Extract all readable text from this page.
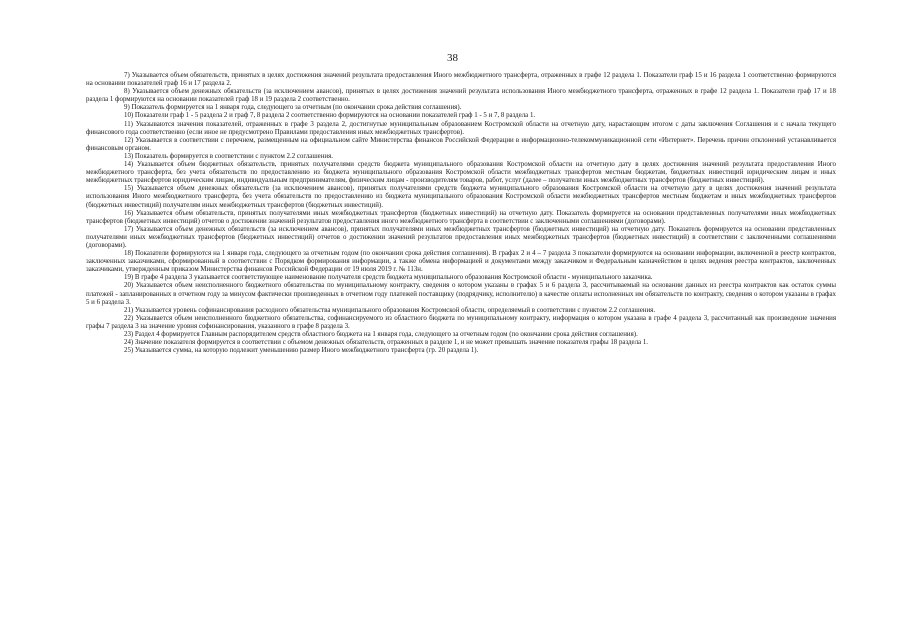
38

7) Указывается объем обязательств, принятых в целях достижения значений результата предоставления Иного межбюджетного трансферта, отраженных в графе 12 раздела 1. Показатели граф 15 и 16 раздела 1 соответственно формируются на основании показателей граф 16 и 17 раздела 2.

8) Указывается объем денежных обязательств (за исключением авансов), принятых в целях достижения значений результата использования Иного межбюджетного трансферта, отраженных в графе 12 раздела 1. Показатели граф 17 и 18 раздела 1 формируются на основании показателей граф 18 и 19 раздела 2 соответственно.

9) Показатель формируется на 1 января года, следующего за отчетным (по окончании срока действия соглашения).

10) Показатели граф 1 - 5 раздела 2 и граф 7, 8 раздела 2 соответственно формируются на основании показателей граф 1 - 5 и 7, 8 раздела 1.

11) Указываются значения показателей, отраженных в графе 3 раздела 2, достигнутые муниципальным образованием Костромской области на отчетную дату, нарастающим итогом с даты заключения Соглашения и с начала текущего финансового года соответственно (если иное не предусмотрено Правилами предоставления иных межбюджетных трансфертов).

12) Указывается в соответствии с перечнем, размещенным на официальном сайте Министерства финансов Российской Федерации в информационно-телекоммуникационной сети «Интернет». Перечень причин отклонений устанавливается финансовым органом.

13) Показатель формируется в соответствии с пунктом 2.2 соглашения.

14) Указывается объем бюджетных обязательств, принятых получателями средств бюджета муниципального образования Костромской области на отчетную дату в целях достижения значений результата предоставления Иного межбюджетного трансферта, без учета обязательств по предоставлению из бюджета муниципального образования Костромской области межбюджетных трансфертов местным бюджетам, бюджетных инвестиций юридическим лицам и иных межбюджетных трансфертов юридическим лицам, индивидуальным предпринимателям, физическим лицам - производителям товаров, работ, услуг (далее – получатели иных межбюджетных трансфертов (бюджетных инвестиций).

15) Указывается объем денежных обязательств (за исключением авансов), принятых получателями средств бюджета муниципального образования Костромской области на отчетную дату в целях достижения значений результата использования Иного межбюджетного трансферта, без учета обязательств по предоставлению из бюджета муниципального образования Костромской области межбюджетных трансфертов местным бюджетам и иных межбюджетных трансфертов (бюджетных инвестиций) получателям иных межбюджетных трансфертов (бюджетных инвестиций).

16) Указывается объем обязательств, принятых получателями иных межбюджетных трансфертов (бюджетных инвестиций) на отчетную дату. Показатель формируется на основании представленных получателями иных межбюджетных трансфертов (бюджетных инвестиций) отчетов о достижении значений результатов предоставления иного межбюджетного трансферта в соответствии с заключенными соглашениями (договорами).

17) Указывается объем денежных обязательств (за исключением авансов), принятых получателями иных межбюджетных трансфертов (бюджетных инвестиций) на отчетную дату. Показатель формируется на основании представленных получателями иных межбюджетных трансфертов (бюджетных инвестиций) отчетов о достижении значений результатов предоставления иных межбюджетных трансфертов (бюджетных инвестиций) в соответствии с заключенными соглашениями (договорами).

18) Показатели формируются на 1 января года, следующего за отчетным годом (по окончании срока действия соглашения). В графах 2 и 4 – 7 раздела 3 показатели формируются на основании информации, включенной в реестр контрактов, заключенных заказчиками, сформированный в соответствии с Порядком формирования информации, а также обмена информацией и документами между заказчиком и Федеральным казначейством в целях ведения реестра контрактов, заключенных заказчиками, утвержденным приказом Министерства финансов Российской Федерации от 19 июля 2019 г. № 113н.

19) В графе 4 раздела 3 указывается соответствующее наименование получателя средств бюджета муниципального образования Костромской области - муниципального заказчика.

20) Указывается объем неисполненного бюджетного обязательства по муниципальному контракту, сведения о котором указаны в графах 5 и 6 раздела 3, рассчитываемый на основании данных из реестра контрактов как остаток суммы платежей - запланированных в отчетном году за минусом фактически произведенных в отчетном году платежей поставщику (подрядчику, исполнителю) в качестве оплаты исполненных им обязательств по контракту, сведения о котором указаны в графах 5 и 6 раздела 3.

21) Указывается уровень софинансирования расходного обязательства муниципального образования Костромской области, определяемый в соответствии с пунктом 2.2 соглашения.

22) Указывается объем неисполненного бюджетного обязательства, софинансируемого из областного бюджета по муниципальному контракту, информация о котором указана в графе 4 раздела 3, рассчитанный как произведение значения графы 7 раздела 3 на значение уровня софинансирования, указанного в графе 8 раздела 3.

23) Раздел 4 формируется Главным распорядителем средств областного бюджета на 1 января года, следующего за отчетным годом (по окончании срока действия соглашения).

24) Значение показателя формируется в соответствии с объемом денежных обязательств, отраженных в разделе 1, и не может превышать значение показателя графы 18 раздела 1.

25) Указывается сумма, на которую подлежит уменьшению размер Иного межбюджетного трансферта (гр. 20 раздела 1).
